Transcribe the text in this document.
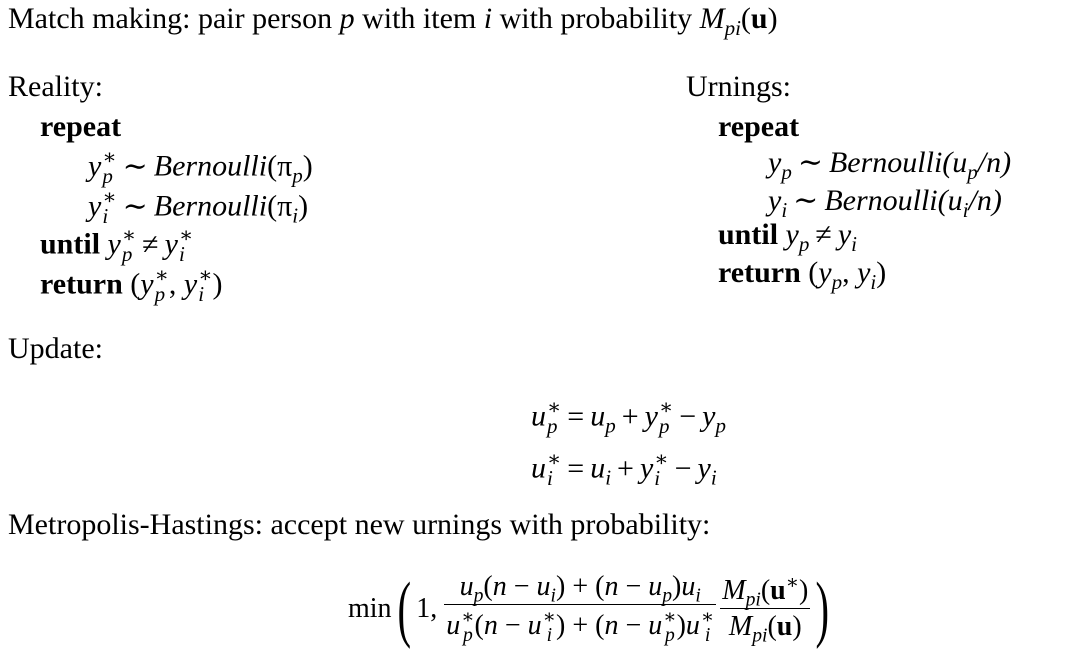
Match making: pair person p with item i with probability $M_{pi}(u)$
Reality:
repeat
y ∗
p ∼ $Bernoulli(\pi_p)$
y ∗
i ∼ $Bernoulli(\pi_i)$
until y ∗
p ≠ y ∗
i
return (y ∗
p , y ∗
i )
Urnings:
repeat
$y_p$ ∼ $Bernoulli(u_p/n)$
$y_i$ ∼ $Bernoulli(u_i/n)$
until $y_p \ne y_i$
return ($y_p$, $y_i$)
Update:
u ∗
$p = u_p + y$ ∗
$p - y_p$
u ∗
$i = u_i + y$ ∗
$i - y_i$
Metropolis-Hastings: accept new urnings with probability:
min( 1, $u_p(n - u_i) + (n - u_p)u_i$
u ∗
p (n − u ∗
i ) + (n − u ∗
p )u ∗
i $\frac{M_{pi}(u^∗)}{M_{pi}(u)}$ )
